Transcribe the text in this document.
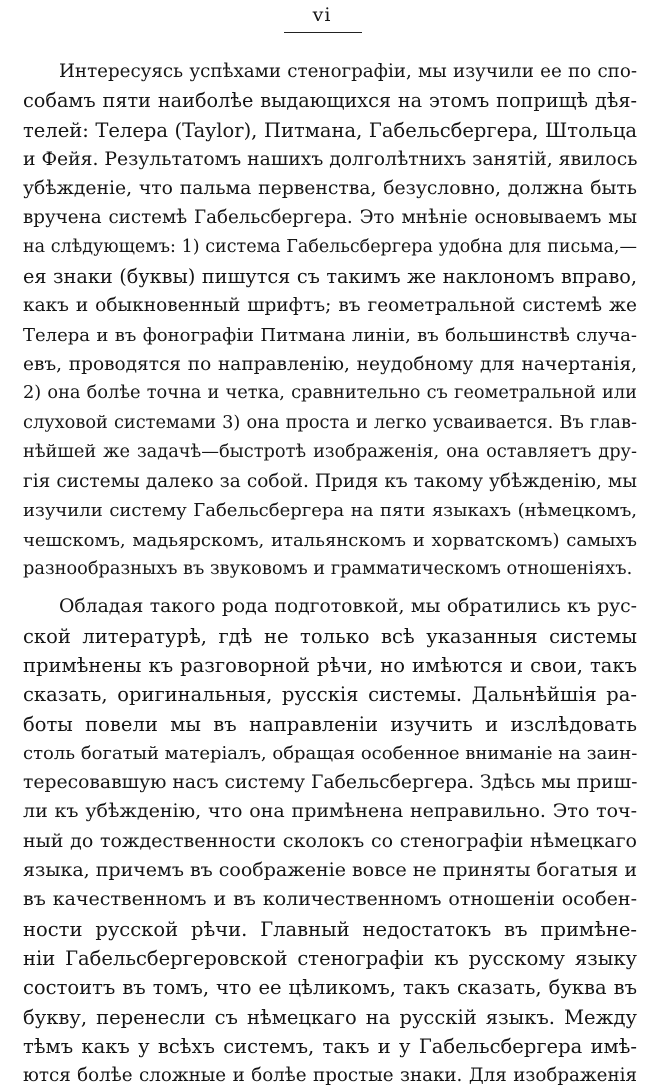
vi
Интересуясь успѣхами стенографіи, мы изучили ее по спо-
собамъ пяти наиболѣе выдающихся на этомъ поприщѣ дѣя-
телей: Телера (Taylor), Питмана, Габельсбергера, Штольца
и Фейя. Результатомъ нашихъ долголѣтнихъ занятій, явилось
убѣжденіе, что пальма первенства, безусловно, должна быть
вручена системѣ Габельсбергера. Это мнѣніе основываемъ мы
на слѣдующемъ: 1) система Габельсбергера удобна для письма,—
ея знаки (буквы) пишутся съ такимъ же наклономъ вправо,
какъ и обыкновенный шрифтъ; въ геометральной системѣ же
Телера и въ фонографіи Питмана линіи, въ большинствѣ случа-
евъ, проводятся по направленію, неудобному для начертанія,
2) она болѣе точна и четка, сравнительно съ геометральной или
слуховой системами 3) она проста и легко усваивается. Въ глав-
нѣйшей же задачѣ—быстротѣ изображенія, она оставляетъ дру-
гія системы далеко за собой. Придя къ такому убѣжденію, мы
изучили систему Габельсбергера на пяти языкахъ (нѣмецкомъ,
чешскомъ, мадьярскомъ, итальянскомъ и хорватскомъ) самыхъ
разнообразныхъ въ звуковомъ и грамматическомъ отношеніяхъ.
Обладая такого рода подготовкой, мы обратились къ рус-
ской литературѣ, гдѣ не только всѣ указанныя системы
примѣнены къ разговорной рѣчи, но имѣются и свои, такъ
сказать, оригинальныя, русскія системы. Дальнѣйшія ра-
боты повели мы въ направленіи изучить и изслѣдовать
столь богатый матеріалъ, обращая особенное вниманіе на заин-
тересовавшую насъ систему Габельсбергера. Здѣсь мы приш-
ли къ убѣжденію, что она примѣнена неправильно. Это точ-
ный до тождественности сколокъ со стенографіи нѣмецкаго
языка, причемъ въ соображеніе вовсе не приняты богатыя и
въ качественномъ и въ количественномъ отношеніи особен-
ности русской рѣчи. Главный недостатокъ въ примѣне-
ніи Габельсбергеровской стенографіи къ русскому языку
состоитъ въ томъ, что ее цѣликомъ, такъ сказать, буква въ
букву, перенесли съ нѣмецкаго на русскій языкъ. Между
тѣмъ какъ у всѣхъ системъ, такъ и у Габельсбергера имѣ-
ются болѣе сложные и болѣе простые знаки. Для изображенія
